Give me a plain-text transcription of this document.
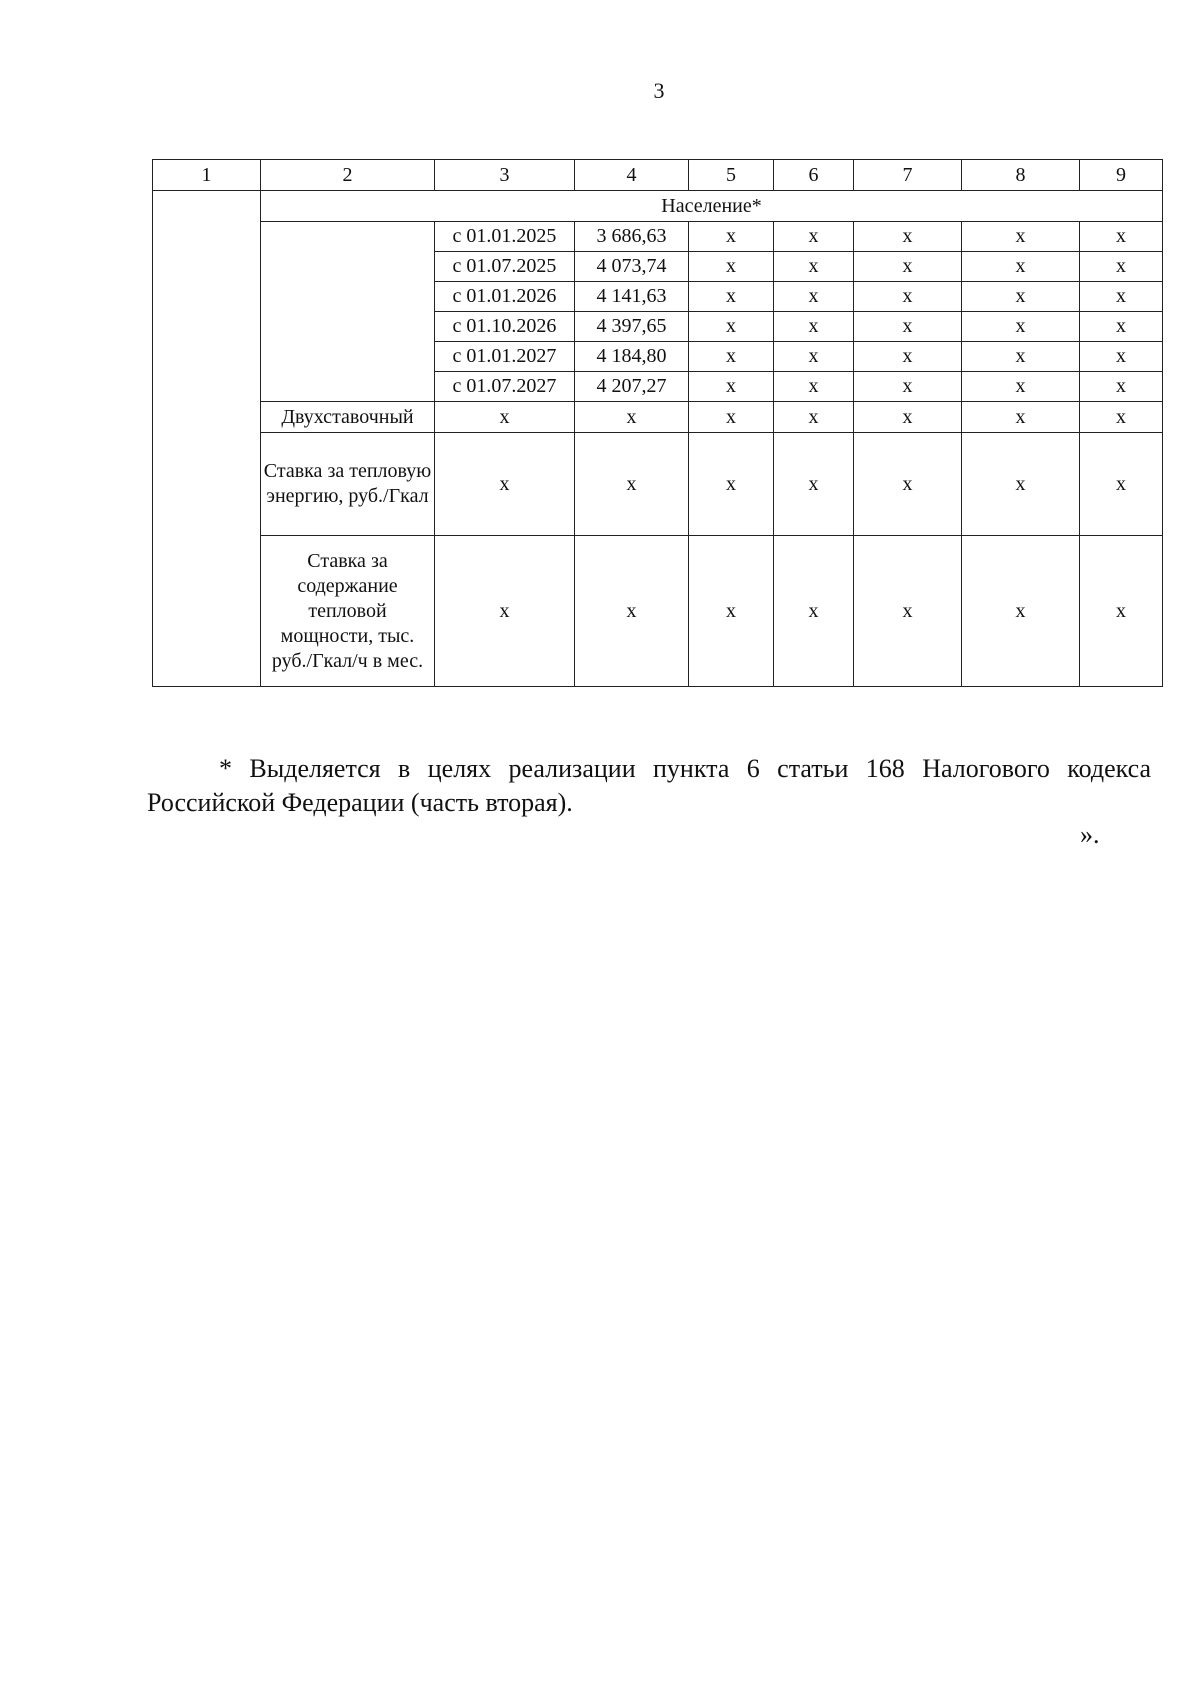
3
1	2	3	4	5	6	7	8	9
	Население*							
		с 01.01.2025	3 686,63	x	x	x	x	x
		с 01.07.2025	4 073,74	x	x	x	x	x
		с 01.01.2026	4 141,63	x	x	x	x	x
		с 01.10.2026	4 397,65	x	x	x	x	x
		с 01.01.2027	4 184,80	x	x	x	x	x
		с 01.07.2027	4 207,27	x	x	x	x	x
	Двухставочный	x	x	x	x	x	x	x
	Ставка за тепловую энергию, руб./Гкал	x	x	x	x	x	x	x
	Ставка за содержание тепловой мощности, тыс. руб./Гкал/ч в мес.	x	x	x	x	x	x	x
* Выделяется в целях реализации пункта 6 статьи 168 Налогового кодекса
Российской Федерации (часть вторая).
».
